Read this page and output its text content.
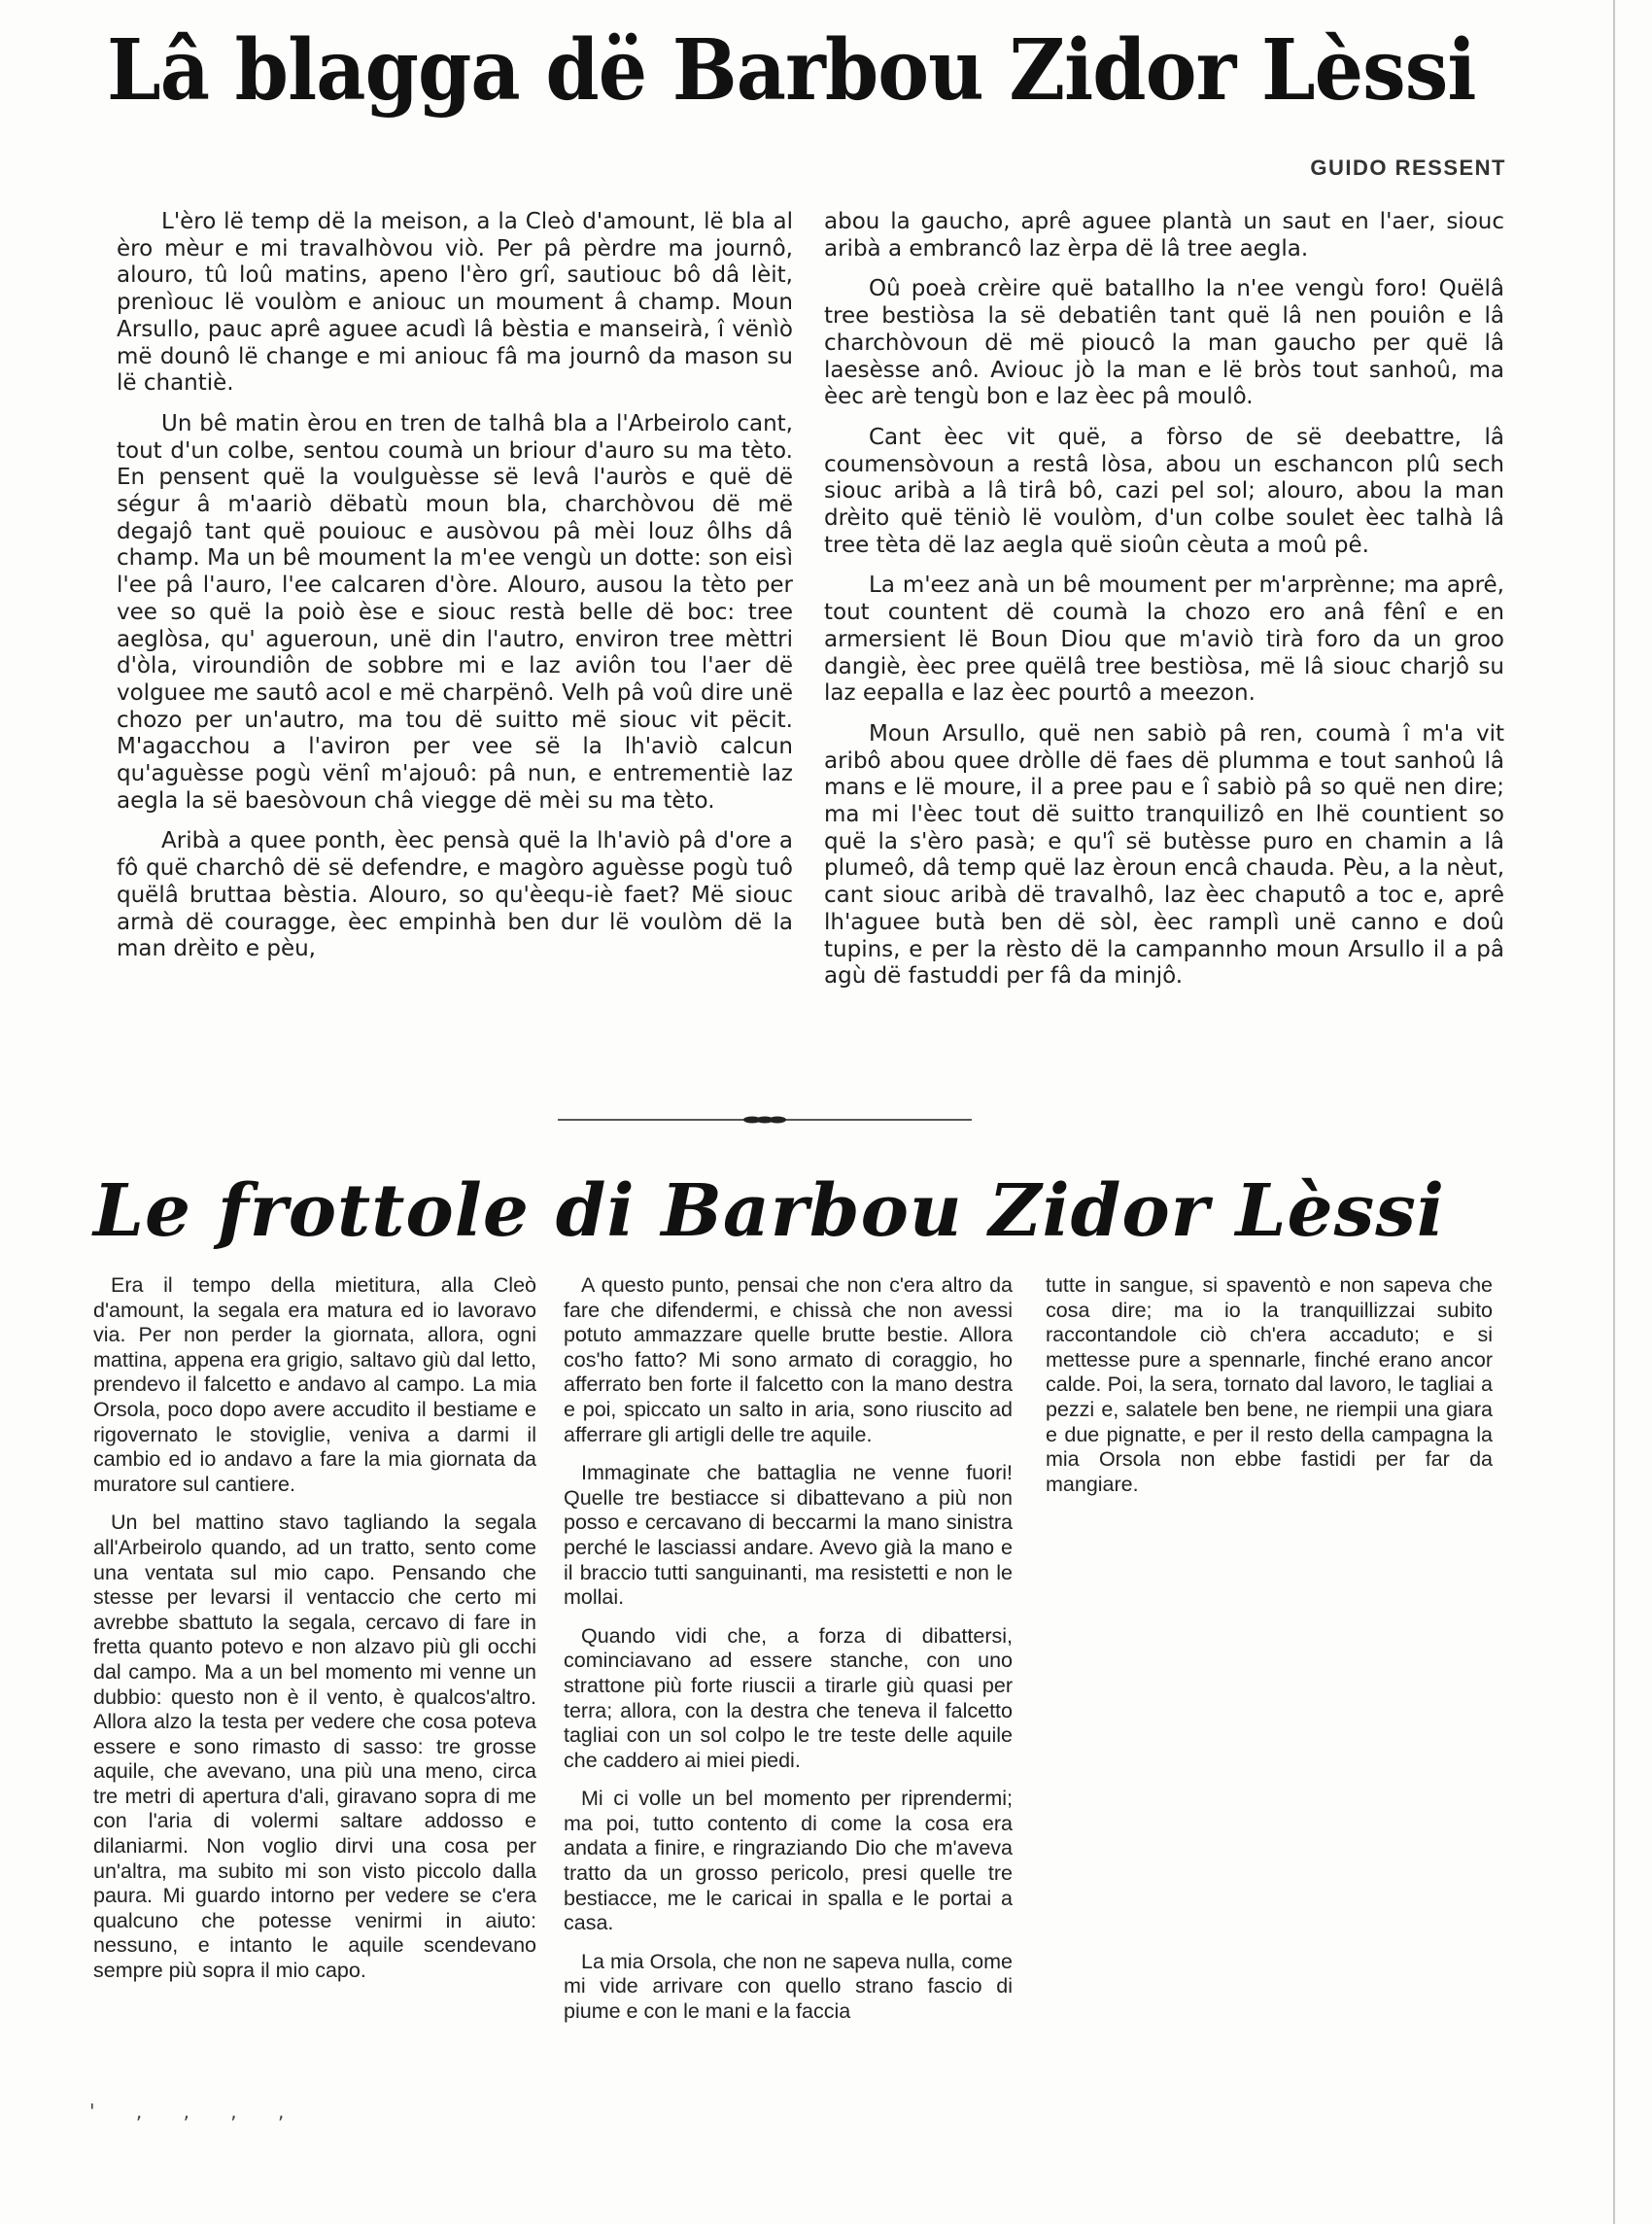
Lâ blagga dë Barbou Zidor Lèssi
GUIDO RESSENT

L'èro lë temp dë la meison, a la Cleò d'amount, lë bla al èro mèur e mi travalhòvou viò. Per pâ pèrdre ma journô, alouro, tû loû matins, apeno l'èro grî, sautiouc bô dâ lèit, prenìouc lë voulòm e aniouc un moument â champ. Moun Arsullo, pauc aprê aguee acudì lâ bèstia e manseirà, î vënìò më dounô lë change e mi aniouc fâ ma journô da mason su lë chantiè.

Un bê matin èrou en tren de talhâ bla a l'Arbeirolo cant, tout d'un colbe, sentou coumà un briour d'auro su ma tèto. En pensent quë la voulguèsse së levâ l'auròs e quë dë ségur â m'aariò dëbatù moun bla, charchòvou dë më degajô tant quë pouiouc e ausòvou pâ mèi louz ôlhs dâ champ. Ma un bê moument la m'ee vengù un dotte: son eisì l'ee pâ l'auro, l'ee calcaren d'òre. Alouro, ausou la tèto per vee so quë la poiò èse e siouc restà belle dë boc: tree aeglòsa, qu' agueroun, unë din l'autro, environ tree mèttri d'òla, viroundiôn de sobbre mi e laz aviôn tou l'aer dë volguee me sautô acol e më charpënô. Velh pâ voû dire unë chozo per un'autro, ma tou dë suitto më siouc vit pëcit. M'agacchou a l'aviron per vee së la lh'aviò calcun qu'aguèsse pogù vënî m'ajouô: pâ nun, e entrementiè laz aegla la së baesòvoun châ viegge dë mèi su ma tèto.

Aribà a quee ponth, èec pensà quë la lh'aviò pâ d'ore a fô quë charchô dë së defendre, e magòro aguèsse pogù tuô quëlâ bruttaa bèstia. Alouro, so qu'èequ-iè faet? Më siouc armà dë couragge, èec empinhà ben dur lë voulòm dë la man drèito e pèu,

abou la gaucho, aprê aguee plantà un saut en l'aer, siouc aribà a embrancô laz èrpa dë lâ tree aegla.

Oû poeà crèire quë batallho la n'ee vengù foro! Quëlâ tree bestiòsa la së debatiên tant quë lâ nen pouiôn e lâ charchòvoun dë më pioucô la man gaucho per quë lâ laesèsse anô. Aviouc jò la man e lë bròs tout sanhoû, ma èec arè tengù bon e laz èec pâ moulô.

Cant èec vit quë, a fòrso de së deebattre, lâ coumensòvoun a restâ lòsa, abou un eschancon plû sech siouc aribà a lâ tirâ bô, cazi pel sol; alouro, abou la man drèito quë tëniò lë voulòm, d'un colbe soulet èec talhà lâ tree tèta dë laz aegla quë sioûn cèuta a moû pê.

La m'eez anà un bê moument per m'arprènne; ma aprê, tout countent dë coumà la chozo ero anâ fênî e en armersient lë Boun Diou que m'aviò tirà foro da un groo dangiè, èec pree quëlâ tree bestiòsa, më lâ siouc charjô su laz eepalla e laz èec pourtô a meezon.

Moun Arsullo, quë nen sabiò pâ ren, coumà î m'a vit aribô abou quee dròlle dë faes dë plumma e tout sanhoû lâ mans e lë moure, il a pree pau e î sabiò pâ so quë nen dire; ma mi l'èec tout dë suitto tranquilizô en lhë countient so quë la s'èro pasà; e qu'î së butèsse puro en chamin a lâ plumeô, dâ temp quë laz èroun encâ chauda. Pèu, a la nèut, cant siouc aribà dë travalhô, laz èec chaputô a toc e, aprê lh'aguee butà ben dë sòl, èec ramplì unë canno e doû tupins, e per la rèsto dë la campannho moun Arsullo il a pâ agù dë fastuddi per fâ da minjô.

Le frottole di Barbou Zidor Lèssi

Era il tempo della mietitura, alla Cleò d'amount, la segala era matura ed io lavoravo via. Per non perder la giornata, allora, ogni mattina, appena era grigio, saltavo giù dal letto, prendevo il falcetto e andavo al campo. La mia Orsola, poco dopo avere accudito il bestiame e rigovernato le stoviglie, veniva a darmi il cambio ed io andavo a fare la mia giornata da muratore sul cantiere.

Un bel mattino stavo tagliando la segala all'Arbeirolo quando, ad un tratto, sento come una ventata sul mio capo. Pensando che stesse per levarsi il ventaccio che certo mi avrebbe sbattuto la segala, cercavo di fare in fretta quanto potevo e non alzavo più gli occhi dal campo. Ma a un bel momento mi venne un dubbio: questo non è il vento, è qualcos'altro. Allora alzo la testa per vedere che cosa poteva essere e sono rimasto di sasso: tre grosse aquile, che avevano, una più una meno, circa tre metri di apertura d'ali, giravano sopra di me con l'aria di volermi saltare addosso e dilaniarmi. Non voglio dirvi una cosa per un'altra, ma subito mi son visto piccolo dalla paura. Mi guardo intorno per vedere se c'era qualcuno che potesse venirmi in aiuto: nessuno, e intanto le aquile scendevano sempre più sopra il mio capo.

A questo punto, pensai che non c'era altro da fare che difendermi, e chissà che non avessi potuto ammazzare quelle brutte bestie. Allora cos'ho fatto? Mi sono armato di coraggio, ho afferrato ben forte il falcetto con la mano destra e poi, spiccato un salto in aria, sono riuscito ad afferrare gli artigli delle tre aquile.

Immaginate che battaglia ne venne fuori! Quelle tre bestiacce si dibattevano a più non posso e cercavano di beccarmi la mano sinistra perché le lasciassi andare. Avevo già la mano e il braccio tutti sanguinanti, ma resistetti e non le mollai.

Quando vidi che, a forza di dibattersi, cominciavano ad essere stanche, con uno strattone più forte riuscii a tirarle giù quasi per terra; allora, con la destra che teneva il falcetto tagliai con un sol colpo le tre teste delle aquile che caddero ai miei piedi.

Mi ci volle un bel momento per riprendermi; ma poi, tutto contento di come la cosa era andata a finire, e ringraziando Dio che m'aveva tratto da un grosso pericolo, presi quelle tre bestiacce, me le caricai in spalla e le portai a casa.

La mia Orsola, che non ne sapeva nulla, come mi vide arrivare con quello strano fascio di piume e con le mani e la faccia

tutte in sangue, si spaventò e non sapeva che cosa dire; ma io la tranquillizzai subito raccontandole ciò ch'era accaduto; e si mettesse pure a spennarle, finché erano ancor calde. Poi, la sera, tornato dal lavoro, le tagliai a pezzi e, salatele ben bene, ne riempii una giara e due pignatte, e per il resto della campagna la mia Orsola non ebbe fastidi per far da mangiare.

' , , , ,
